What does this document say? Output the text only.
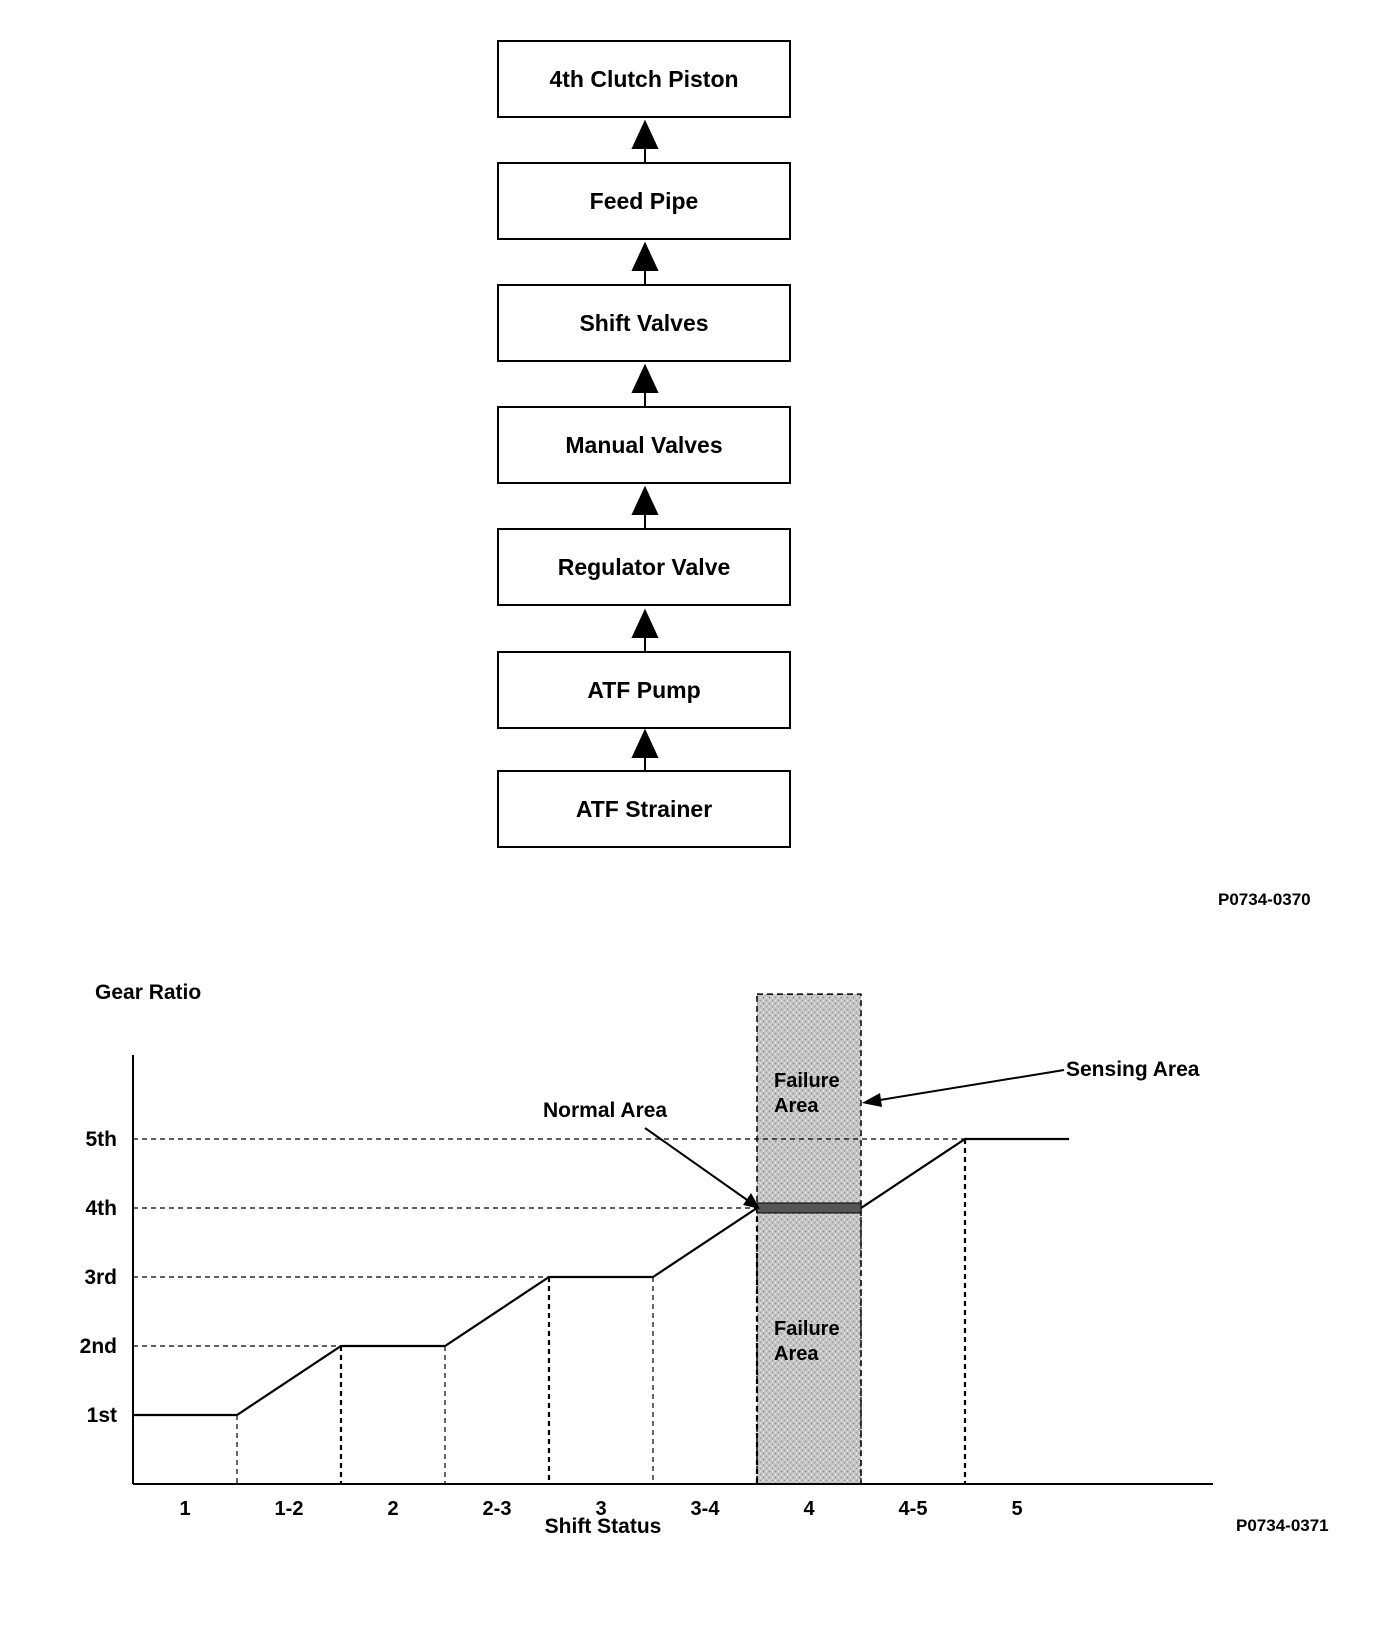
4th Clutch Piston
Feed Pipe
Shift Valves
Manual Valves
Regulator Valve
ATF Pump
ATF Strainer
P0734-0370
1st
2nd
3rd
4th
5th
1	1-2	2	2-3	3	3-4	4	4-5	5
Gear Ratio
Shift Status
Failure
Area
Failure
Area
Sensing Area
Normal Area
P0734-0371
